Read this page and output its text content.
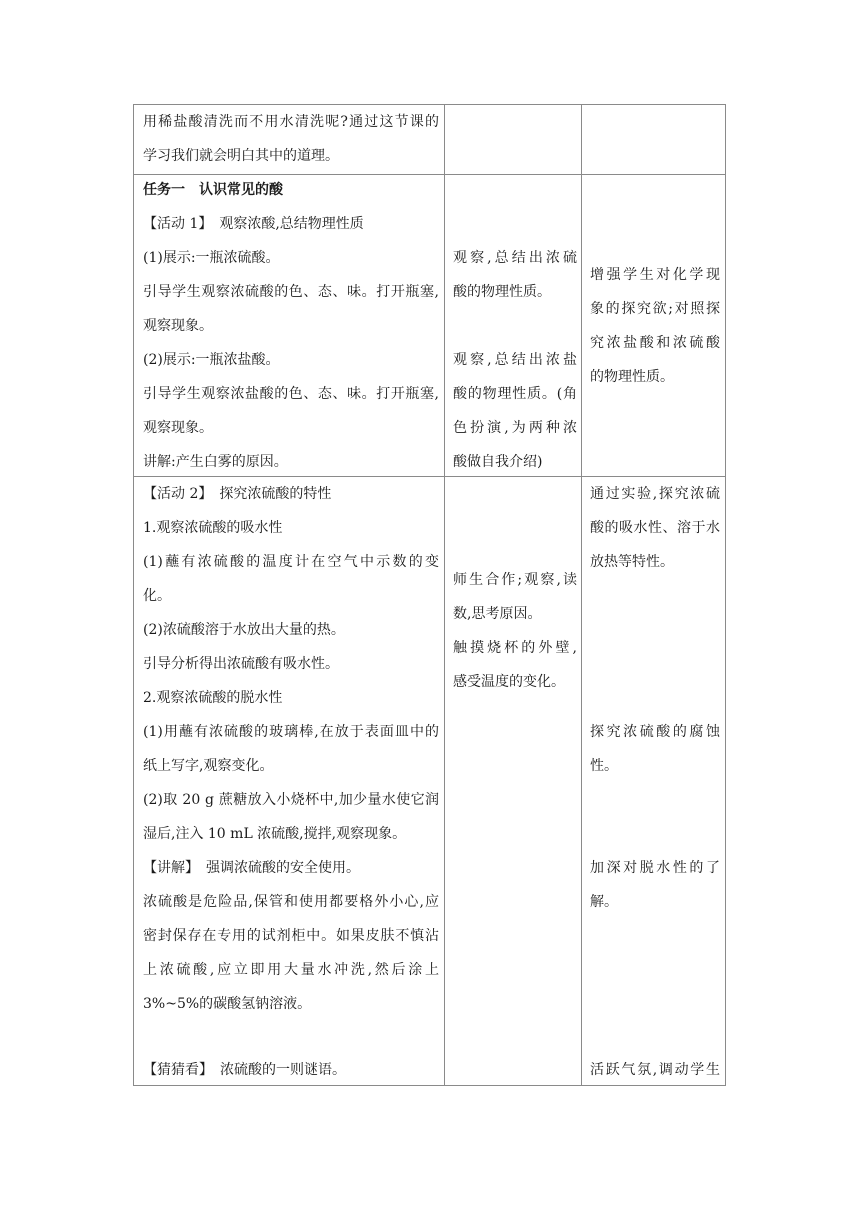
用稀盐酸清洗而不用水清洗呢?通过这节课的
学习我们就会明白其中的道理。
任务一　认识常见的酸
【活动 1】　观察浓酸,总结物理性质
(1)展示:一瓶浓硫酸。
引导学生观察浓硫酸的色、态、味。打开瓶塞,
观察现象。
(2)展示:一瓶浓盐酸。
引导学生观察浓盐酸的色、态、味。打开瓶塞,
观察现象。
讲解:产生白雾的原因。
观察,总结出浓硫
酸的物理性质。
观察,总结出浓盐
酸的物理性质。(角
色扮演,为两种浓
酸做自我介绍)
增强学生对化学现
象的探究欲;对照探
究浓盐酸和浓硫酸
的物理性质。
【活动 2】　探究浓硫酸的特性
1.观察浓硫酸的吸水性
(1)蘸有浓硫酸的温度计在空气中示数的变
化。
(2)浓硫酸溶于水放出大量的热。
引导分析得出浓硫酸有吸水性。
2.观察浓硫酸的脱水性
(1)用蘸有浓硫酸的玻璃棒,在放于表面皿中的
纸上写字,观察变化。
(2)取 20 g 蔗糖放入小烧杯中,加少量水使它润
湿后,注入 10 mL 浓硫酸,搅拌,观察现象。
【讲解】　强调浓硫酸的安全使用。
浓硫酸是危险品,保管和使用都要格外小心,应
密封保存在专用的试剂柜中。如果皮肤不慎沾
上浓硫酸,应立即用大量水冲洗,然后涂上
3%~5%的碳酸氢钠溶液。
【猜猜看】　浓硫酸的一则谜语。
师生合作;观察,读
数,思考原因。
触摸烧杯的外壁,
感受温度的变化。
通过实验,探究浓硫
酸的吸水性、溶于水
放热等特性。
探究浓硫酸的腐蚀
性。
加深对脱水性的了
解。
活跃气氛,调动学生
